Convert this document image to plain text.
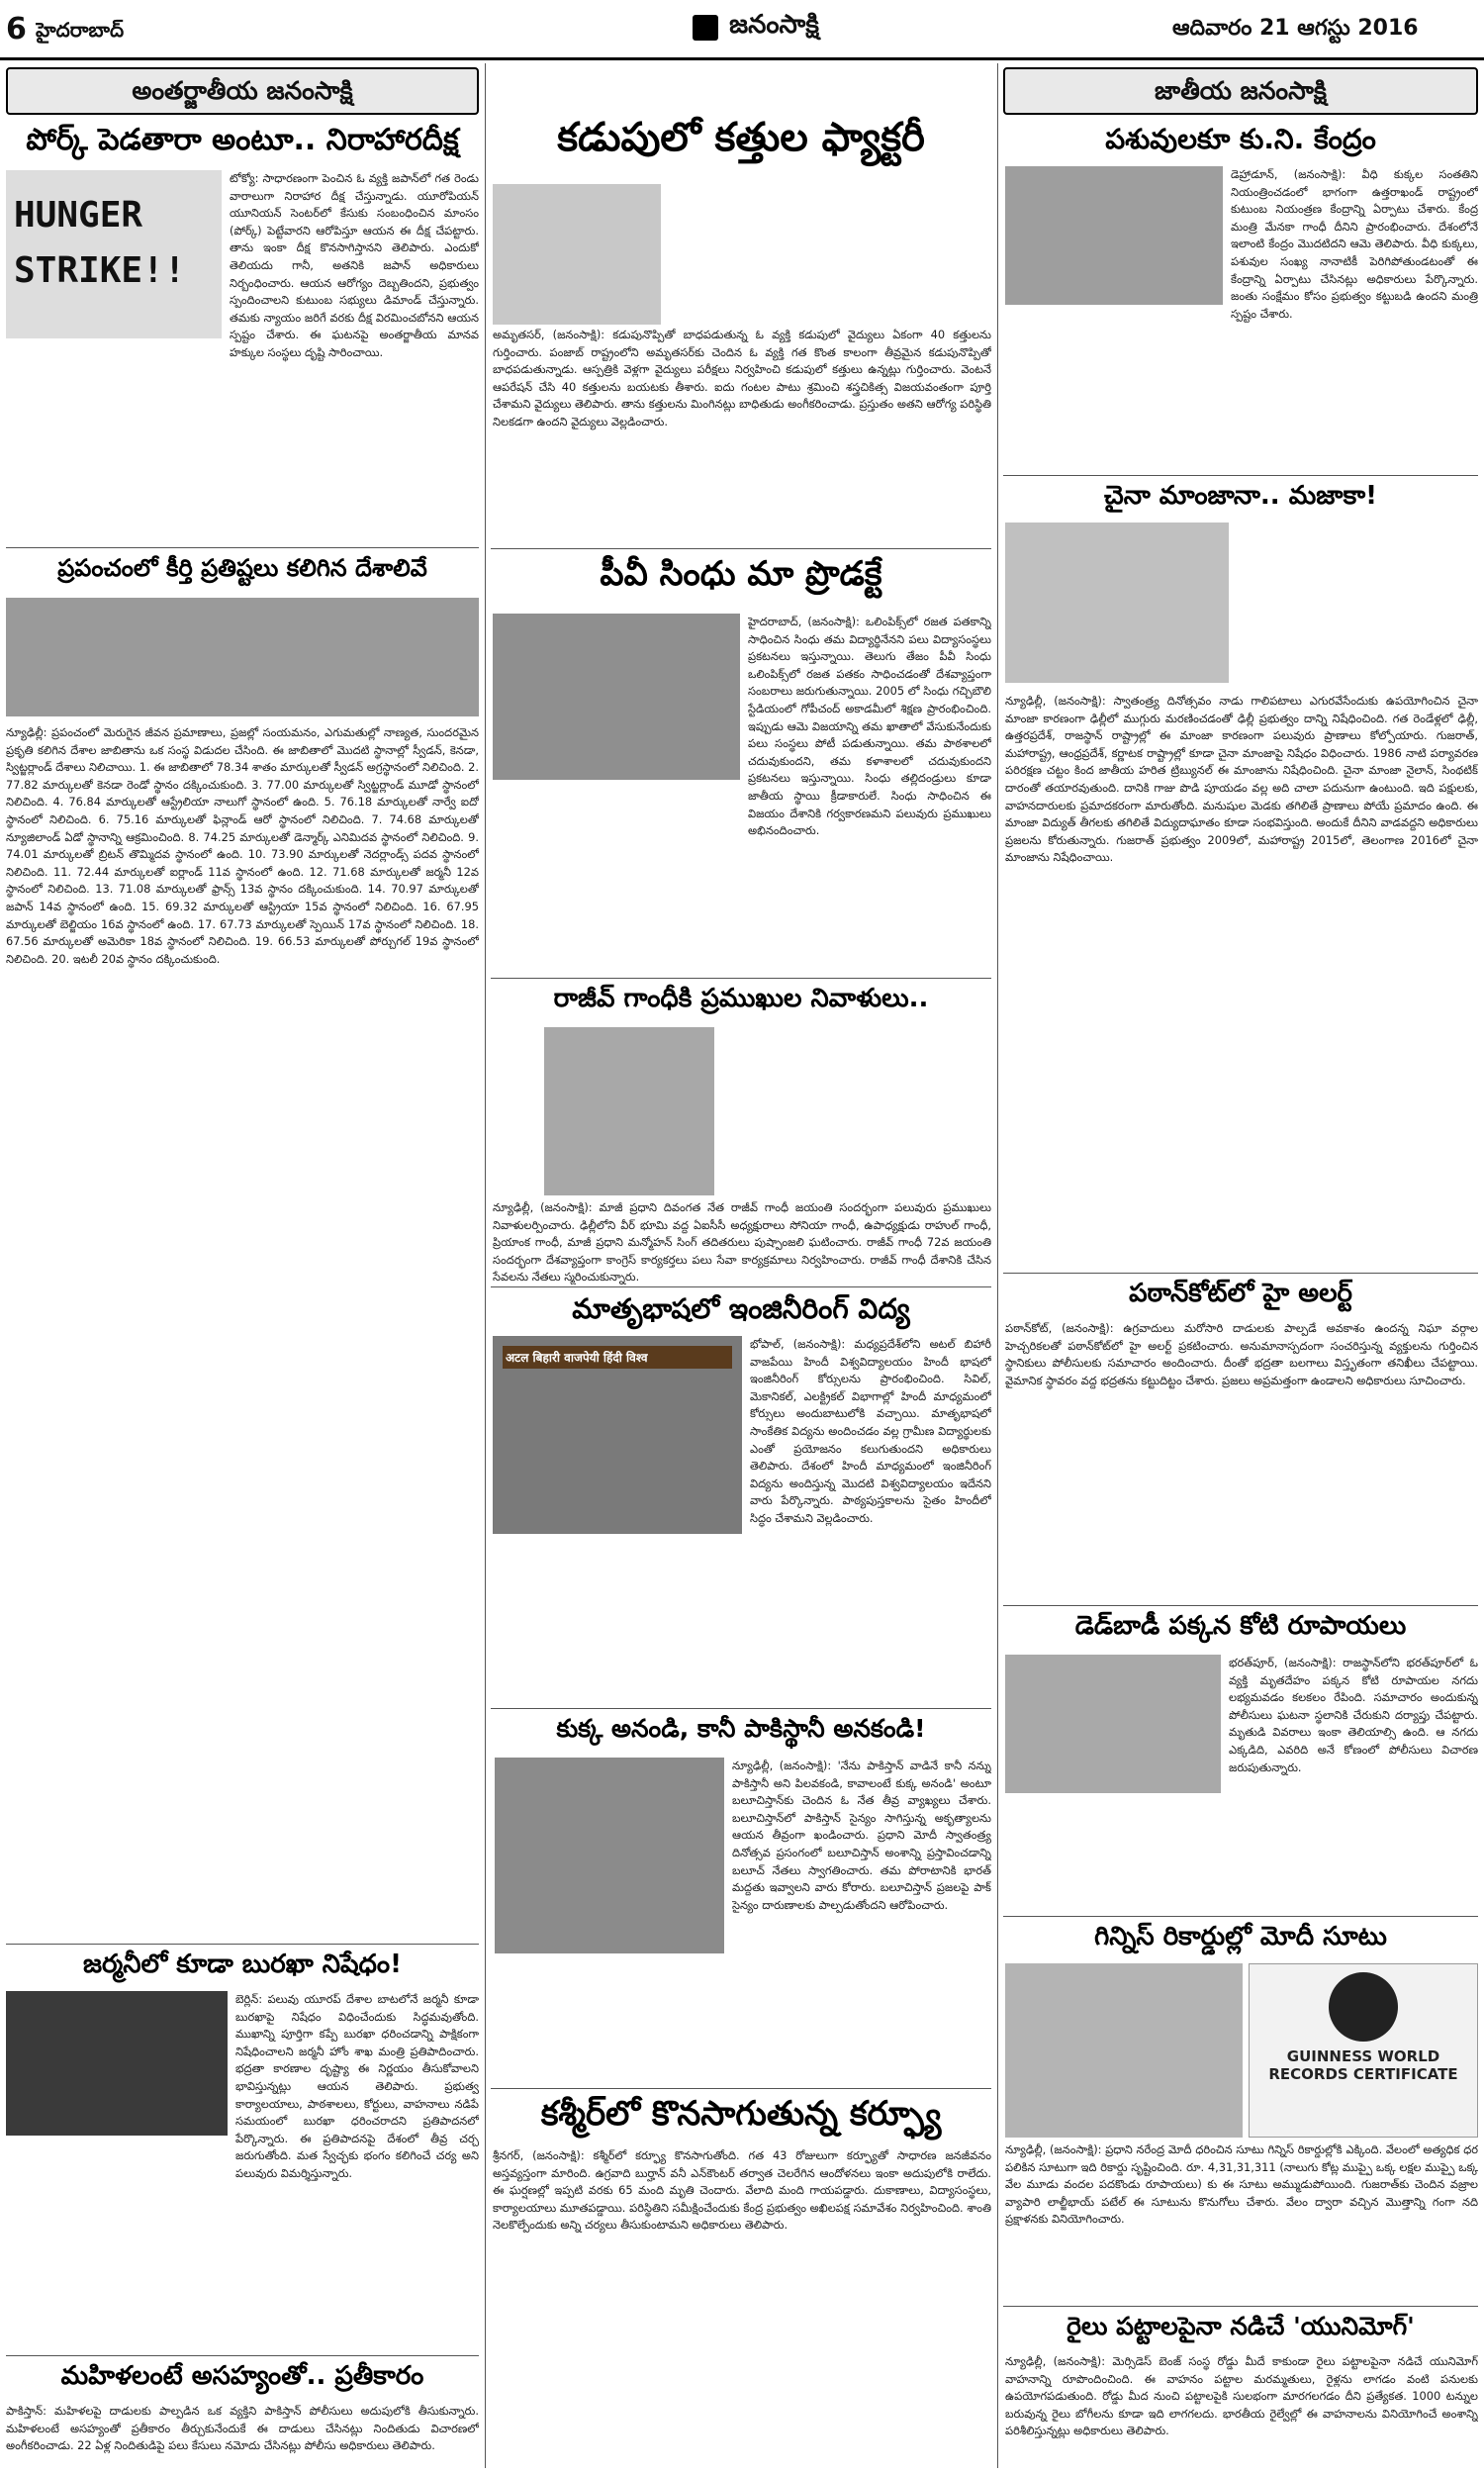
6 హైదరాబాద్	జనంసాక్షి	ఆదివారం 21 ఆగస్టు 2016
అంతర్జాతీయ జనంసాక్షి
పోర్క్ పెడతారా అంటూ.. నిరాహారదీక్ష
HUNGER STRIKE!!
టోక్యో: సాధారణంగా పెంచిన ఓ వ్యక్తి జపాన్‌లో గత రెండు వారాలుగా నిరాహార దీక్ష చేస్తున్నాడు. యూరోపియన్ యూనియన్ సెంటర్‌లో కేసుకు సంబంధించిన మాంసం (పోర్క్) పెట్టేవారని ఆరోపిస్తూ ఆయన ఈ దీక్ష చేపట్టారు. తాను ఇంకా దీక్ష కొనసాగిస్తానని తెలిపారు. ఎందుకో తెలియదు గానీ, అతనికి జపాన్ అధికారులు నిర్బంధించారు. ఆయన ఆరోగ్యం దెబ్బతిందని, ప్రభుత్వం స్పందించాలని కుటుంబ సభ్యులు డిమాండ్ చేస్తున్నారు. తమకు న్యాయం జరిగే వరకు దీక్ష విరమించబోనని ఆయన స్పష్టం చేశారు. ఈ ఘటనపై అంతర్జాతీయ మానవ హక్కుల సంస్థలు దృష్టి సారించాయి.
ప్రపంచంలో కీర్తి ప్రతిష్టలు కలిగిన దేశాలివే
న్యూఢిల్లీ: ప్రపంచంలో మెరుగైన జీవన ప్రమాణాలు, ప్రజల్లో సంయమనం, ఎగుమతుల్లో నాణ్యత, సుందరమైన ప్రకృతి కలిగిన దేశాల జాబితాను ఒక సంస్థ విడుదల చేసింది. ఈ జాబితాలో మొదటి స్థానాల్లో స్వీడన్, కెనడా, స్విట్జర్లాండ్ దేశాలు నిలిచాయి. 1. ఈ జాబితాలో 78.34 శాతం మార్కులతో స్వీడన్ అగ్రస్థానంలో నిలిచింది. 2. 77.82 మార్కులతో కెనడా రెండో స్థానం దక్కించుకుంది. 3. 77.00 మార్కులతో స్విట్జర్లాండ్ మూడో స్థానంలో నిలిచింది. 4. 76.84 మార్కులతో ఆస్ట్రేలియా నాలుగో స్థానంలో ఉంది. 5. 76.18 మార్కులతో నార్వే ఐదో స్థానంలో నిలిచింది. 6. 75.16 మార్కులతో ఫిన్లాండ్ ఆరో స్థానంలో నిలిచింది. 7. 74.68 మార్కులతో న్యూజిలాండ్ ఏడో స్థానాన్ని ఆక్రమించింది. 8. 74.25 మార్కులతో డెన్మార్క్ ఎనిమిదవ స్థానంలో నిలిచింది. 9. 74.01 మార్కులతో బ్రిటన్ తొమ్మిదవ స్థానంలో ఉంది. 10. 73.90 మార్కులతో నెదర్లాండ్స్ పదవ స్థానంలో నిలిచింది. 11. 72.44 మార్కులతో ఐర్లాండ్ 11వ స్థానంలో ఉంది. 12. 71.68 మార్కులతో జర్మనీ 12వ స్థానంలో నిలిచింది. 13. 71.08 మార్కులతో ఫ్రాన్స్ 13వ స్థానం దక్కించుకుంది. 14. 70.97 మార్కులతో జపాన్ 14వ స్థానంలో ఉంది. 15. 69.32 మార్కులతో ఆస్ట్రియా 15వ స్థానంలో నిలిచింది. 16. 67.95 మార్కులతో బెల్జియం 16వ స్థానంలో ఉంది. 17. 67.73 మార్కులతో స్పెయిన్ 17వ స్థానంలో నిలిచింది. 18. 67.56 మార్కులతో అమెరికా 18వ స్థానంలో నిలిచింది. 19. 66.53 మార్కులతో పోర్చుగల్ 19వ స్థానంలో నిలిచింది. 20. ఇటలీ 20వ స్థానం దక్కించుకుంది.
జర్మనీలో కూడా బురఖా నిషేధం!
బెర్లిన్: పలువు యూరప్ దేశాల బాటలోనే జర్మనీ కూడా బురఖాపై నిషేధం విధించేందుకు సిద్ధమవుతోంది. ముఖాన్ని పూర్తిగా కప్పే బురఖా ధరించడాన్ని పాక్షికంగా నిషేధించాలని జర్మనీ హోం శాఖ మంత్రి ప్రతిపాదించారు. భద్రతా కారణాల దృష్ట్యా ఈ నిర్ణయం తీసుకోవాలని భావిస్తున్నట్లు ఆయన తెలిపారు. ప్రభుత్వ కార్యాలయాలు, పాఠశాలలు, కోర్టులు, వాహనాలు నడిపే సమయంలో బురఖా ధరించరాదని ప్రతిపాదనలో పేర్కొన్నారు. ఈ ప్రతిపాదనపై దేశంలో తీవ్ర చర్చ జరుగుతోంది. మత స్వేచ్ఛకు భంగం కలిగించే చర్య అని పలువురు విమర్శిస్తున్నారు.
మహిళలంటే అసహ్యంతో.. ప్రతీకారం
పాకిస్తాన్: మహిళలపై దాడులకు పాల్పడిన ఒక వ్యక్తిని పాకిస్తాన్ పోలీసులు అదుపులోకి తీసుకున్నారు. మహిళలంటే అసహ్యంతో ప్రతీకారం తీర్చుకునేందుకే ఈ దాడులు చేసినట్లు నిందితుడు విచారణలో అంగీకరించాడు. 22 ఏళ్ల నిందితుడిపై పలు కేసులు నమోదు చేసినట్లు పోలీసు అధికారులు తెలిపారు.
కడుపులో కత్తుల ఫ్యాక్టరీ
అమృతసర్, (జనంసాక్షి): కడుపునొప్పితో బాధపడుతున్న ఓ వ్యక్తి కడుపులో వైద్యులు ఏకంగా 40 కత్తులను గుర్తించారు. పంజాబ్ రాష్ట్రంలోని అమృతసర్‌కు చెందిన ఓ వ్యక్తి గత కొంత కాలంగా తీవ్రమైన కడుపునొప్పితో బాధపడుతున్నాడు. ఆస్పత్రికి వెళ్లగా వైద్యులు పరీక్షలు నిర్వహించి కడుపులో కత్తులు ఉన్నట్లు గుర్తించారు. వెంటనే ఆపరేషన్ చేసి 40 కత్తులను బయటకు తీశారు. ఐదు గంటల పాటు శ్రమించి శస్త్రచికిత్స విజయవంతంగా పూర్తి చేశామని వైద్యులు తెలిపారు. తాను కత్తులను మింగినట్లు బాధితుడు అంగీకరించాడు. ప్రస్తుతం అతని ఆరోగ్య పరిస్థితి నిలకడగా ఉందని వైద్యులు వెల్లడించారు.
పీవీ సింధు మా ప్రొడక్టే
హైదరాబాద్, (జనంసాక్షి): ఒలింపిక్స్‌లో రజత పతకాన్ని సాధించిన సింధు తమ విద్యార్థినేనని పలు విద్యాసంస్థలు ప్రకటనలు ఇస్తున్నాయి. తెలుగు తేజం పీవీ సింధు ఒలింపిక్స్‌లో రజత పతకం సాధించడంతో దేశవ్యాప్తంగా సంబరాలు జరుగుతున్నాయి. 2005 లో సింధు గచ్చిబౌలి స్టేడియంలో గోపీచంద్ అకాడమీలో శిక్షణ ప్రారంభించింది. ఇప్పుడు ఆమె విజయాన్ని తమ ఖాతాలో వేసుకునేందుకు పలు సంస్థలు పోటీ పడుతున్నాయి. తమ పాఠశాలలో చదువుకుందని, తమ కళాశాలలో చదువుకుందని ప్రకటనలు ఇస్తున్నాయి. సింధు తల్లిదండ్రులు కూడా జాతీయ స్థాయి క్రీడాకారులే. సింధు సాధించిన ఈ విజయం దేశానికి గర్వకారణమని పలువురు ప్రముఖులు అభినందించారు.
రాజీవ్ గాంధీకి ప్రముఖుల నివాళులు..
న్యూఢిల్లీ, (జనంసాక్షి): మాజీ ప్రధాని దివంగత నేత రాజీవ్ గాంధీ జయంతి సందర్భంగా పలువురు ప్రముఖులు నివాళులర్పించారు. ఢిల్లీలోని వీర్ భూమి వద్ద ఏఐసీసీ అధ్యక్షురాలు సోనియా గాంధీ, ఉపాధ్యక్షుడు రాహుల్ గాంధీ, ప్రియాంక గాంధీ, మాజీ ప్రధాని మన్మోహన్ సింగ్ తదితరులు పుష్పాంజలి ఘటించారు. రాజీవ్ గాంధీ 72వ జయంతి సందర్భంగా దేశవ్యాప్తంగా కాంగ్రెస్ కార్యకర్తలు పలు సేవా కార్యక్రమాలు నిర్వహించారు. రాజీవ్ గాంధీ దేశానికి చేసిన సేవలను నేతలు స్మరించుకున్నారు.
మాతృభాషలో ఇంజినీరింగ్ విద్య
अटल बिहारी वाजपेयी हिंदी विश्व
భోపాల్, (జనంసాక్షి): మధ్యప్రదేశ్‌లోని అటల్ బిహారీ వాజపేయి హిందీ విశ్వవిద్యాలయం హిందీ భాషలో ఇంజినీరింగ్ కోర్సులను ప్రారంభించింది. సివిల్, మెకానికల్, ఎలక్ట్రికల్ విభాగాల్లో హిందీ మాధ్యమంలో కోర్సులు అందుబాటులోకి వచ్చాయి. మాతృభాషలో సాంకేతిక విద్యను అందించడం వల్ల గ్రామీణ విద్యార్థులకు ఎంతో ప్రయోజనం కలుగుతుందని అధికారులు తెలిపారు. దేశంలో హిందీ మాధ్యమంలో ఇంజినీరింగ్ విద్యను అందిస్తున్న మొదటి విశ్వవిద్యాలయం ఇదేనని వారు పేర్కొన్నారు. పాఠ్యపుస్తకాలను సైతం హిందీలో సిద్ధం చేశామని వెల్లడించారు.
కుక్క అనండి, కానీ పాకిస్థానీ అనకండి!
న్యూఢిల్లీ, (జనంసాక్షి): 'నేను పాకిస్తాన్ వాడినే కానీ నన్ను పాకిస్తానీ అని పిలవకండి, కావాలంటే కుక్క అనండి' అంటూ బలూచిస్తాన్‌కు చెందిన ఓ నేత తీవ్ర వ్యాఖ్యలు చేశారు. బలూచిస్తాన్‌లో పాకిస్తాన్ సైన్యం సాగిస్తున్న అకృత్యాలను ఆయన తీవ్రంగా ఖండించారు. ప్రధాని మోదీ స్వాతంత్ర్య దినోత్సవ ప్రసంగంలో బలూచిస్తాన్ అంశాన్ని ప్రస్తావించడాన్ని బలూచ్ నేతలు స్వాగతించారు. తమ పోరాటానికి భారత్ మద్దతు ఇవ్వాలని వారు కోరారు. బలూచిస్తాన్ ప్రజలపై పాక్ సైన్యం దారుణాలకు పాల్పడుతోందని ఆరోపించారు.
కశ్మీర్‌లో కొనసాగుతున్న కర్ఫ్యూ
శ్రీనగర్, (జనంసాక్షి): కశ్మీర్‌లో కర్ఫ్యూ కొనసాగుతోంది. గత 43 రోజులుగా కర్ఫ్యూతో సాధారణ జనజీవనం అస్తవ్యస్తంగా మారింది. ఉగ్రవాది బుర్హాన్ వనీ ఎన్‌కౌంటర్ తర్వాత చెలరేగిన ఆందోళనలు ఇంకా అదుపులోకి రాలేదు. ఈ ఘర్షణల్లో ఇప్పటి వరకు 65 మంది మృతి చెందారు. వేలాది మంది గాయపడ్డారు. దుకాణాలు, విద్యాసంస్థలు, కార్యాలయాలు మూతపడ్డాయి. పరిస్థితిని సమీక్షించేందుకు కేంద్ర ప్రభుత్వం అఖిలపక్ష సమావేశం నిర్వహించింది. శాంతి నెలకొల్పేందుకు అన్ని చర్యలు తీసుకుంటామని అధికారులు తెలిపారు.
జాతీయ జనంసాక్షి
పశువులకూ కు.ని. కేంద్రం
డెహ్రాడూన్, (జనంసాక్షి): వీధి కుక్కల సంతతిని నియంత్రించడంలో భాగంగా ఉత్తరాఖండ్ రాష్ట్రంలో కుటుంబ నియంత్రణ కేంద్రాన్ని ఏర్పాటు చేశారు. కేంద్ర మంత్రి మేనకా గాంధీ దీనిని ప్రారంభించారు. దేశంలోనే ఇలాంటి కేంద్రం మొదటిదని ఆమె తెలిపారు. వీధి కుక్కలు, పశువుల సంఖ్య నానాటికీ పెరిగిపోతుండటంతో ఈ కేంద్రాన్ని ఏర్పాటు చేసినట్లు అధికారులు పేర్కొన్నారు. జంతు సంక్షేమం కోసం ప్రభుత్వం కట్టుబడి ఉందని మంత్రి స్పష్టం చేశారు.
చైనా మాంజానా.. మజాకా!
న్యూఢిల్లీ, (జనంసాక్షి): స్వాతంత్ర్య దినోత్సవం నాడు గాలిపటాలు ఎగురవేసేందుకు ఉపయోగించిన చైనా మాంజా కారణంగా ఢిల్లీలో ముగ్గురు మరణించడంతో ఢిల్లీ ప్రభుత్వం దాన్ని నిషేధించింది. గత రెండేళ్లలో ఢిల్లీ, ఉత్తరప్రదేశ్, రాజస్థాన్ రాష్ట్రాల్లో ఈ మాంజా కారణంగా పలువురు ప్రాణాలు కోల్పోయారు. గుజరాత్, మహారాష్ట్ర, ఆంధ్రప్రదేశ్, కర్ణాటక రాష్ట్రాల్లో కూడా చైనా మాంజాపై నిషేధం విధించారు. 1986 నాటి పర్యావరణ పరిరక్షణ చట్టం కింద జాతీయ హరిత ట్రిబ్యునల్ ఈ మాంజాను నిషేధించింది. చైనా మాంజా నైలాన్, సింథటిక్ దారంతో తయారవుతుంది. దానికి గాజు పొడి పూయడం వల్ల అది చాలా పదునుగా ఉంటుంది. ఇది పక్షులకు, వాహనదారులకు ప్రమాదకరంగా మారుతోంది. మనుషుల మెడకు తగిలితే ప్రాణాలు పోయే ప్రమాదం ఉంది. ఈ మాంజా విద్యుత్ తీగలకు తగిలితే విద్యుదాఘాతం కూడా సంభవిస్తుంది. అందుకే దీనిని వాడవద్దని అధికారులు ప్రజలను కోరుతున్నారు. గుజరాత్ ప్రభుత్వం 2009లో, మహారాష్ట్ర 2015లో, తెలంగాణ 2016లో చైనా మాంజాను నిషేధించాయి.
పఠాన్‌కోట్‌లో హై అలర్ట్
పఠాన్‌కోట్, (జనంసాక్షి): ఉగ్రవాదులు మరోసారి దాడులకు పాల్పడే అవకాశం ఉందన్న నిఘా వర్గాల హెచ్చరికలతో పఠాన్‌కోట్‌లో హై అలర్ట్ ప్రకటించారు. అనుమానాస్పదంగా సంచరిస్తున్న వ్యక్తులను గుర్తించిన స్థానికులు పోలీసులకు సమాచారం అందించారు. దీంతో భద్రతా బలగాలు విస్తృతంగా తనిఖీలు చేపట్టాయి. వైమానిక స్థావరం వద్ద భద్రతను కట్టుదిట్టం చేశారు. ప్రజలు అప్రమత్తంగా ఉండాలని అధికారులు సూచించారు.
డెడ్‌బాడీ పక్కన కోటి రూపాయలు
భరత్‌పూర్, (జనంసాక్షి): రాజస్థాన్‌లోని భరత్‌పూర్‌లో ఓ వ్యక్తి మృతదేహం పక్కన కోటి రూపాయల నగదు లభ్యమవడం కలకలం రేపింది. సమాచారం అందుకున్న పోలీసులు ఘటనా స్థలానికి చేరుకుని దర్యాప్తు చేపట్టారు. మృతుడి వివరాలు ఇంకా తెలియాల్సి ఉంది. ఆ నగదు ఎక్కడిది, ఎవరిది అనే కోణంలో పోలీసులు విచారణ జరుపుతున్నారు.
గిన్నిస్ రికార్డుల్లో మోదీ సూటు
GUINNESS WORLD RECORDS CERTIFICATE
న్యూఢిల్లీ, (జనంసాక్షి): ప్రధాని నరేంద్ర మోదీ ధరించిన సూటు గిన్నిస్ రికార్డుల్లోకి ఎక్కింది. వేలంలో అత్యధిక ధర పలికిన సూటుగా ఇది రికార్డు సృష్టించింది. రూ. 4,31,31,311 (నాలుగు కోట్ల ముప్పై ఒక్క లక్షల ముప్పై ఒక్క వేల మూడు వందల పదకొండు రూపాయలు) కు ఈ సూటు అమ్ముడుపోయింది. గుజరాత్‌కు చెందిన వజ్రాల వ్యాపారి లాల్జీభాయ్ పటేల్ ఈ సూటును కొనుగోలు చేశారు. వేలం ద్వారా వచ్చిన మొత్తాన్ని గంగా నది ప్రక్షాళనకు వినియోగించారు.
రైలు పట్టాలపైనా నడిచే 'యునిమోగ్'
న్యూఢిల్లీ, (జనంసాక్షి): మెర్సిడెస్ బెంజ్ సంస్థ రోడ్డు మీదే కాకుండా రైలు పట్టాలపైనా నడిచే యునిమోగ్ వాహనాన్ని రూపొందించింది. ఈ వాహనం పట్టాల మరమ్మతులు, రైళ్లను లాగడం వంటి పనులకు ఉపయోగపడుతుంది. రోడ్డు మీద నుంచి పట్టాలపైకి సులభంగా మారగలగడం దీని ప్రత్యేకత. 1000 టన్నుల బరువున్న రైలు బోగీలను కూడా ఇది లాగగలదు. భారతీయ రైల్వేల్లో ఈ వాహనాలను వినియోగించే అంశాన్ని పరిశీలిస్తున్నట్లు అధికారులు తెలిపారు.
